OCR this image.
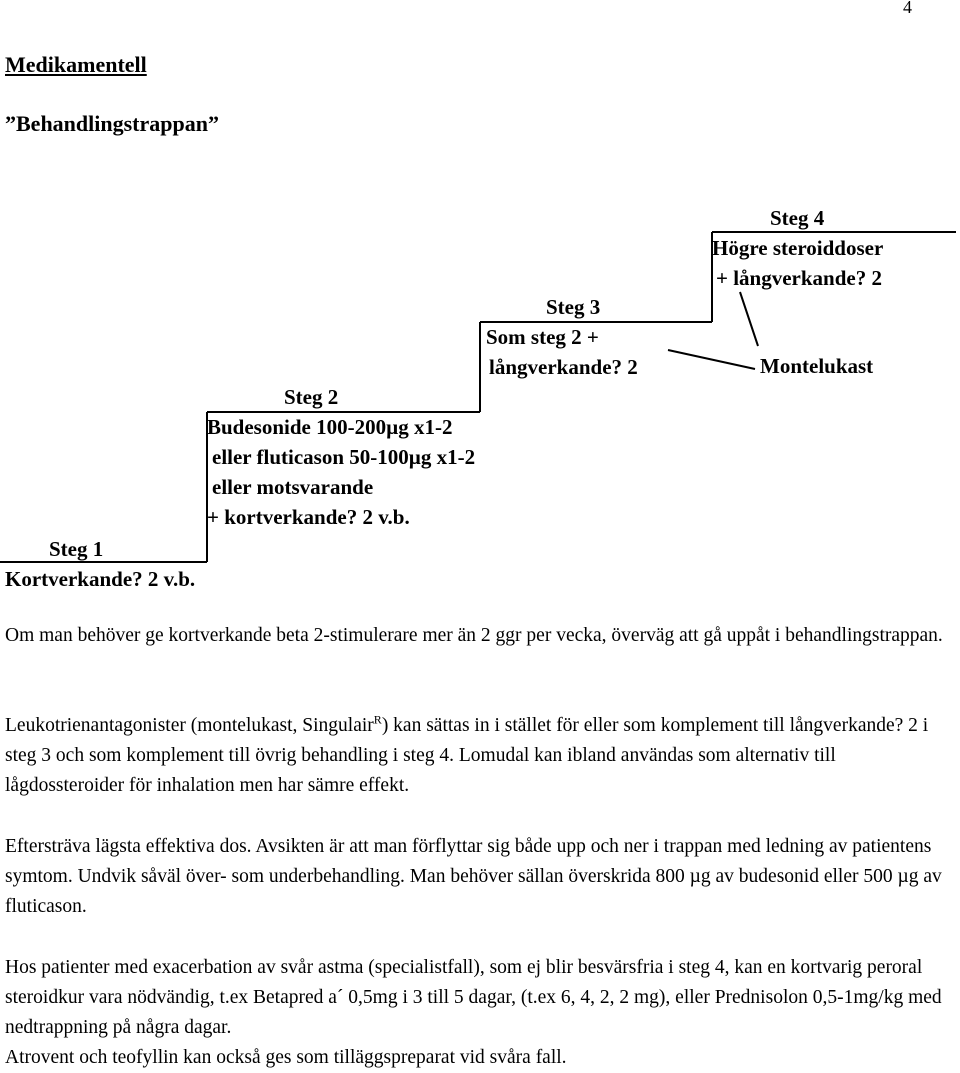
4
Medikamentell
”Behandlingstrappan”
Steg 1
Kortverkande? 2 v.b.
Steg 2
Budesonide 100-200µg x1-2
eller fluticason 50-100µg x1-2
eller motsvarande
+ kortverkande? 2 v.b.
Steg 3
Som steg 2 +
långverkande? 2
Steg 4
Högre steroiddoser
+ långverkande? 2
Montelukast

Om man behöver ge kortverkande beta 2-stimulerare mer än 2 ggr per vecka, överväg att gå uppåt i behandlingstrappan.

Leukotrienantagonister (montelukast, Singulair$^R$) kan sättas in i stället för eller som komplement till långverkande? 2 i steg 3 och som komplement till övrig behandling i steg 4. Lomudal kan ibland användas som alternativ till lågdossteroider för inhalation men har sämre effekt.

Eftersträva lägsta effektiva dos. Avsikten är att man förflyttar sig både upp och ner i trappan med ledning av patientens symtom. Undvik såväl över- som underbehandling. Man behöver sällan överskrida 800 µg av budesonid eller 500 µg av fluticason.

Hos patienter med exacerbation av svår astma (specialistfall), som ej blir besvärsfria i steg 4, kan en kortvarig peroral steroidkur vara nödvändig, t.ex Betapred a´ 0,5mg i 3 till 5 dagar, (t.ex 6, 4, 2, 2 mg), eller Prednisolon 0,5-1mg/kg med nedtrappning på några dagar.

Atrovent och teofyllin kan också ges som tilläggspreparat vid svåra fall.
